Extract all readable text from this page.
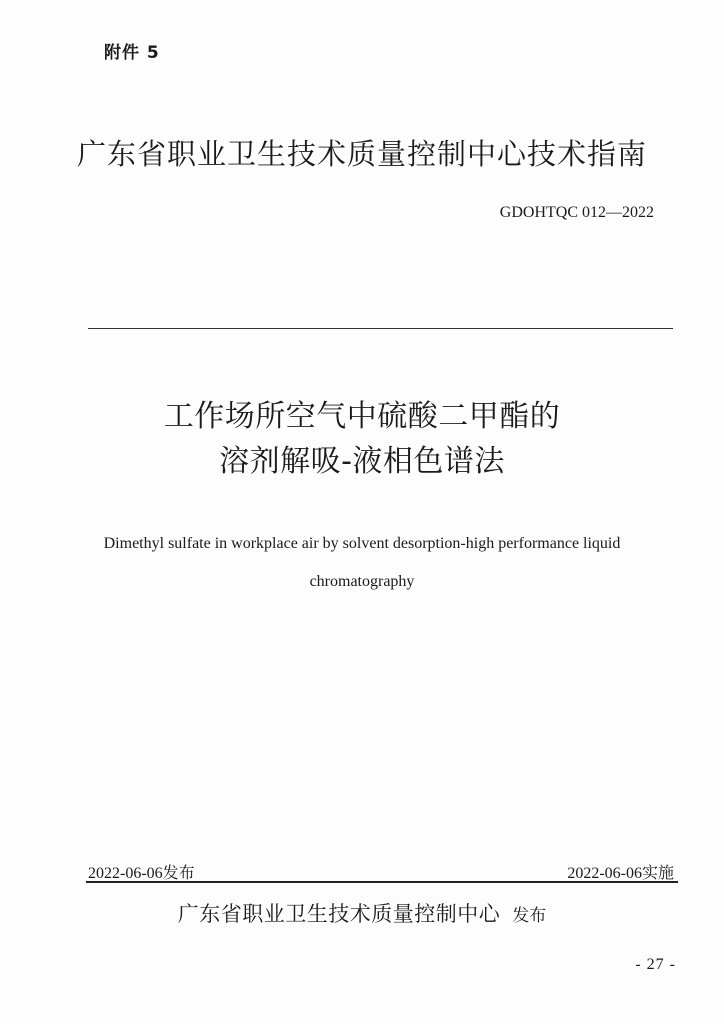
附件 5
广东省职业卫生技术质量控制中心技术指南
GDOHTQC 012—2022
工作场所空气中硫酸二甲酯的
溶剂解吸-液相色谱法
Dimethyl sulfate in workplace air by solvent desorption-high performance liquid
chromatography
2022-06-06发布	2022-06-06实施
广东省职业卫生技术质量控制中心 发布
- 27 -
